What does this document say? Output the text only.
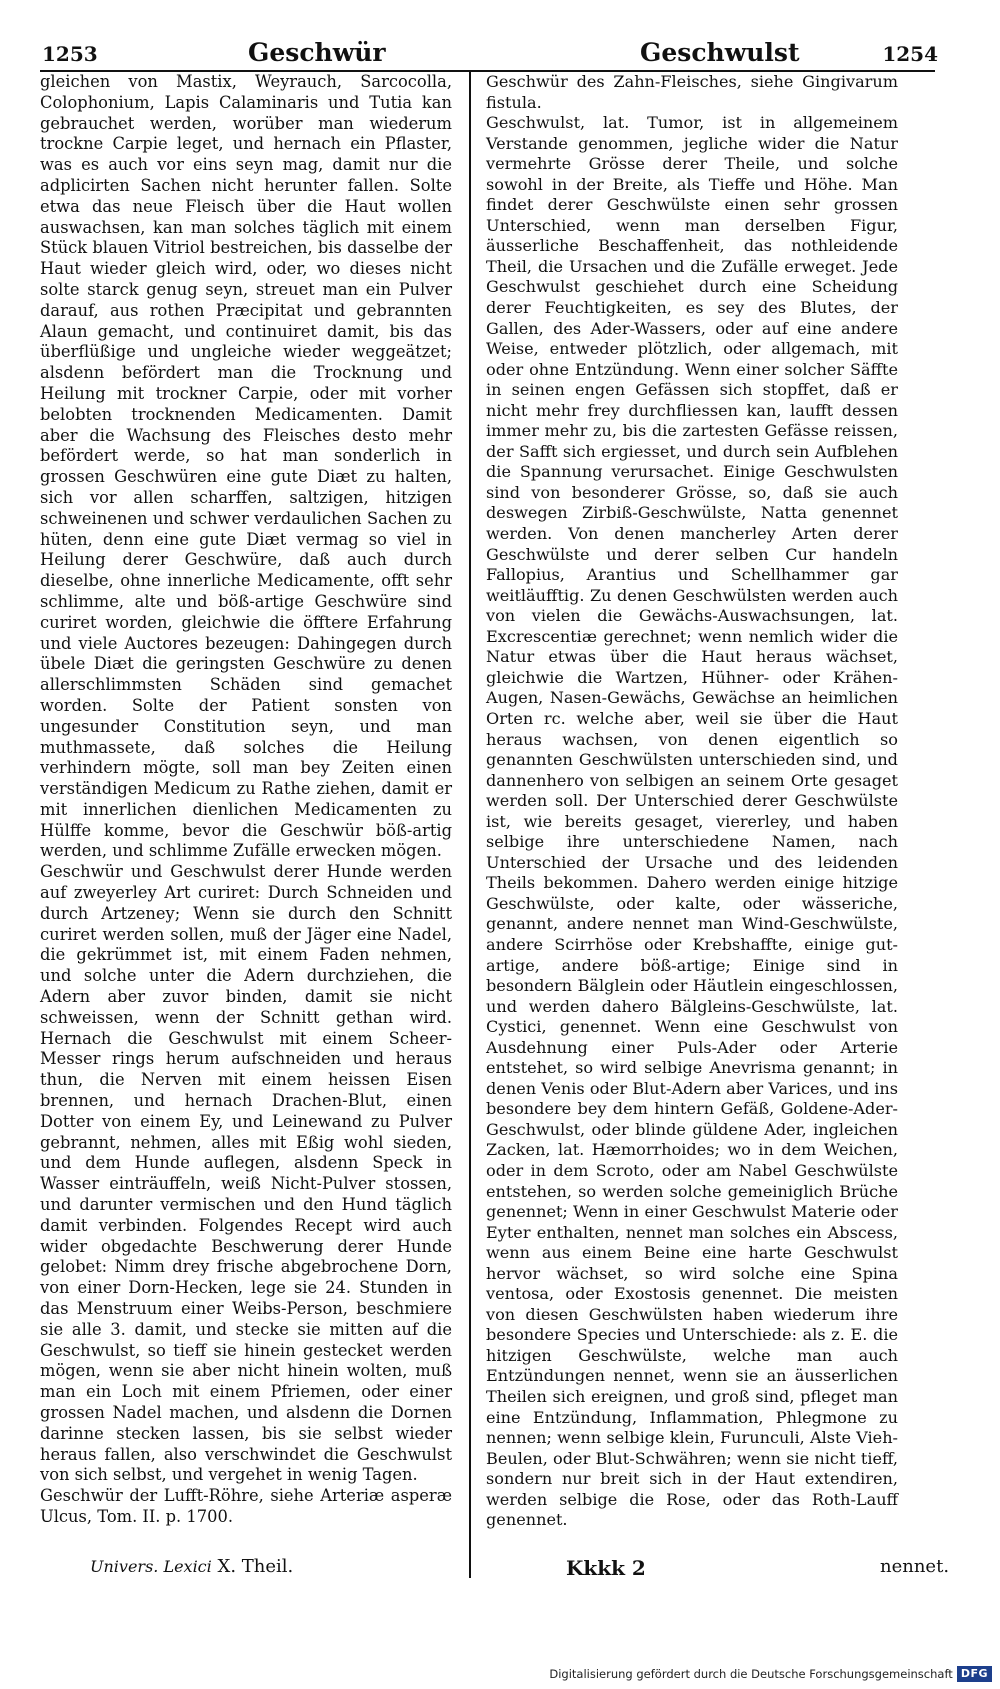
1253	Geschwür	Geschwulst	1254

gleichen von Mastix, Weyrauch, Sarcocolla, Colophonium, Lapis Calaminaris und Tutia kan gebrauchet werden, worüber man wiederum trockne Carpie leget, und hernach ein Pflaster, was es auch vor eins seyn mag, damit nur die adplicirten Sachen nicht herunter fallen. Solte etwa das neue Fleisch über die Haut wollen auswachsen, kan man solches täglich mit einem Stück blauen Vitriol bestreichen, bis dasselbe der Haut wieder gleich wird, oder, wo dieses nicht solte starck genug seyn, streuet man ein Pulver darauf, aus rothen Præcipitat und gebrannten Alaun gemacht, und continuiret damit, bis das überflüßige und ungleiche wieder weggeätzet; alsdenn befördert man die Trocknung und Heilung mit trockner Carpie, oder mit vorher belobten trocknenden Medicamenten. Damit aber die Wachsung des Fleisches desto mehr befördert werde, so hat man sonderlich in grossen Geschwüren eine gute Diæt zu halten, sich vor allen scharffen, saltzigen, hitzigen schweinenen und schwer verdaulichen Sachen zu hüten, denn eine gute Diæt vermag so viel in Heilung derer Geschwüre, daß auch durch dieselbe, ohne innerliche Medicamente, offt sehr schlimme, alte und böß-artige Geschwüre sind curiret worden, gleichwie die öfftere Erfahrung und viele Auctores bezeugen: Dahingegen durch übele Diæt die geringsten Geschwüre zu denen allerschlimmsten Schäden sind gemachet worden. Solte der Patient sonsten von ungesunder Constitution seyn, und man muthmassete, daß solches die Heilung verhindern mögte, soll man bey Zeiten einen verständigen Medicum zu Rathe ziehen, damit er mit innerlichen dienlichen Medicamenten zu Hülffe komme, bevor die Geschwür böß-artig werden, und schlimme Zufälle erwecken mögen.

Geschwür und Geschwulst derer Hunde werden auf zweyerley Art curiret: Durch Schneiden und durch Artzeney; Wenn sie durch den Schnitt curiret werden sollen, muß der Jäger eine Nadel, die gekrümmet ist, mit einem Faden nehmen, und solche unter die Adern durchziehen, die Adern aber zuvor binden, damit sie nicht schweissen, wenn der Schnitt gethan wird. Hernach die Geschwulst mit einem Scheer-Messer rings herum aufschneiden und heraus thun, die Nerven mit einem heissen Eisen brennen, und hernach Drachen-Blut, einen Dotter von einem Ey, und Leinewand zu Pulver gebrannt, nehmen, alles mit Eßig wohl sieden, und dem Hunde auflegen, alsdenn Speck in Wasser einträuffeln, weiß Nicht-Pulver stossen, und darunter vermischen und den Hund täglich damit verbinden. Folgendes Recept wird auch wider obgedachte Beschwerung derer Hunde gelobet: Nimm drey frische abgebrochene Dorn, von einer Dorn-Hecken, lege sie 24. Stunden in das Menstruum einer Weibs-Person, beschmiere sie alle 3. damit, und stecke sie mitten auf die Geschwulst, so tieff sie hinein gestecket werden mögen, wenn sie aber nicht hinein wolten, muß man ein Loch mit einem Pfriemen, oder einer grossen Nadel machen, und alsdenn die Dornen darinne stecken lassen, bis sie selbst wieder heraus fallen, also verschwindet die Geschwulst von sich selbst, und vergehet in wenig Tagen.

Geschwür der Lufft-Röhre, siehe Arteriæ asperæ Ulcus, Tom. II. p. 1700.

Geschwür des Zahn-Fleisches, siehe Gingivarum fistula.

Geschwulst, lat. Tumor, ist in allgemeinem Verstande genommen, jegliche wider die Natur vermehrte Grösse derer Theile, und solche sowohl in der Breite, als Tieffe und Höhe. Man findet derer Geschwülste einen sehr grossen Unterschied, wenn man derselben Figur, äusserliche Beschaffenheit, das nothleidende Theil, die Ursachen und die Zufälle erweget. Jede Geschwulst geschiehet durch eine Scheidung derer Feuchtigkeiten, es sey des Blutes, der Gallen, des Ader-Wassers, oder auf eine andere Weise, entweder plötzlich, oder allgemach, mit oder ohne Entzündung. Wenn einer solcher Säffte in seinen engen Gefässen sich stopffet, daß er nicht mehr frey durchfliessen kan, laufft dessen immer mehr zu, bis die zartesten Gefässe reissen, der Safft sich ergiesset, und durch sein Aufblehen die Spannung verursachet. Einige Geschwulsten sind von besonderer Grösse, so, daß sie auch deswegen Zirbiß-Geschwülste, Natta genennet werden. Von denen mancherley Arten derer Geschwülste und derer selben Cur handeln Fallopius, Arantius und Schellhammer gar weitläufftig. Zu denen Geschwülsten werden auch von vielen die Gewächs-Auswachsungen, lat. Excrescentiæ gerechnet; wenn nemlich wider die Natur etwas über die Haut heraus wächset, gleichwie die Wartzen, Hühner- oder Krähen-Augen, Nasen-Gewächs, Gewächse an heimlichen Orten rc. welche aber, weil sie über die Haut heraus wachsen, von denen eigentlich so genannten Geschwülsten unterschieden sind, und dannenhero von selbigen an seinem Orte gesaget werden soll. Der Unterschied derer Geschwülste ist, wie bereits gesaget, viererley, und haben selbige ihre unterschiedene Namen, nach Unterschied der Ursache und des leidenden Theils bekommen. Dahero werden einige hitzige Geschwülste, oder kalte, oder wässeriche, genannt, andere nennet man Wind-Geschwülste, andere Scirrhöse oder Krebshaffte, einige gut-artige, andere böß-artige; Einige sind in besondern Bälglein oder Häutlein eingeschlossen, und werden dahero Bälgleins-Geschwülste, lat. Cystici, genennet. Wenn eine Geschwulst von Ausdehnung einer Puls-Ader oder Arterie entstehet, so wird selbige Anevrisma genannt; in denen Venis oder Blut-Adern aber Varices, und ins besondere bey dem hintern Gefäß, Goldene-Ader-Geschwulst, oder blinde güldene Ader, ingleichen Zacken, lat. Hæmorrhoides; wo in dem Weichen, oder in dem Scroto, oder am Nabel Geschwülste entstehen, so werden solche gemeiniglich Brüche genennet; Wenn in einer Geschwulst Materie oder Eyter enthalten, nennet man solches ein Abscess, wenn aus einem Beine eine harte Geschwulst hervor wächset, so wird solche eine Spina ventosa, oder Exostosis genennet. Die meisten von diesen Geschwülsten haben wiederum ihre besondere Species und Unterschiede: als z. E. die hitzigen Geschwülste, welche man auch Entzündungen nennet, wenn sie an äusserlichen Theilen sich ereignen, und groß sind, pfleget man eine Entzündung, Inflammation, Phlegmone zu nennen; wenn selbige klein, Furunculi, Alste Vieh-Beulen, oder Blut-Schwähren; wenn sie nicht tieff, sondern nur breit sich in der Haut extendiren, werden selbige die Rose, oder das Roth-Lauff genennet.

Univers. Lexici X. Theil.	Kkkk 2	nennet.
Digitalisierung gefördert durch die Deutsche Forschungsgemeinschaft DFG
